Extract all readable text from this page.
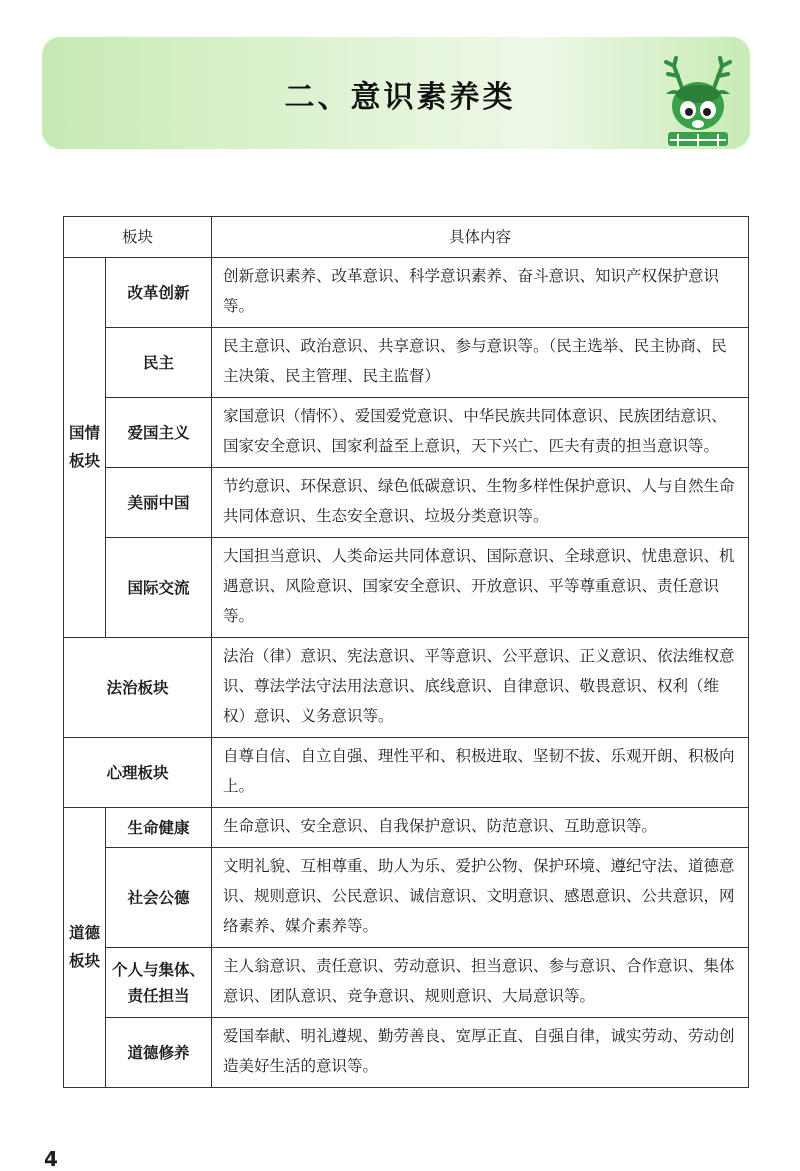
二、意识素养类
板块		具体内容
国情板块	改革创新	创新意识素养、改革意识、科学意识素养、奋斗意识、知识产权保护意识等。
	民主	民主意识、政治意识、共享意识、参与意识等。（民主选举、民主协商、民主决策、民主管理、民主监督）
	爱国主义	家国意识（情怀）、爱国爱党意识、中华民族共同体意识、民族团结意识、国家安全意识、国家利益至上意识，天下兴亡、匹夫有责的担当意识等。
	美丽中国	节约意识、环保意识、绿色低碳意识、生物多样性保护意识、人与自然生命共同体意识、生态安全意识、垃圾分类意识等。
	国际交流	大国担当意识、人类命运共同体意识、国际意识、全球意识、忧患意识、机遇意识、风险意识、国家安全意识、开放意识、平等尊重意识、责任意识等。
法治板块		法治（律）意识、宪法意识、平等意识、公平意识、正义意识、依法维权意识、尊法学法守法用法意识、底线意识、自律意识、敬畏意识、权利（维权）意识、义务意识等。
心理板块		自尊自信、自立自强、理性平和、积极进取、坚韧不拔、乐观开朗、积极向上。
道德板块	生命健康	生命意识、安全意识、自我保护意识、防范意识、互助意识等。
	社会公德	文明礼貌、互相尊重、助人为乐、爱护公物、保护环境、遵纪守法、道德意识、规则意识、公民意识、诚信意识、文明意识、感恩意识、公共意识，网络素养、媒介素养等。
	个人与集体、责任担当	主人翁意识、责任意识、劳动意识、担当意识、参与意识、合作意识、集体意识、团队意识、竞争意识、规则意识、大局意识等。
	道德修养	爱国奉献、明礼遵规、勤劳善良、宽厚正直、自强自律，诚实劳动、劳动创造美好生活的意识等。
4
